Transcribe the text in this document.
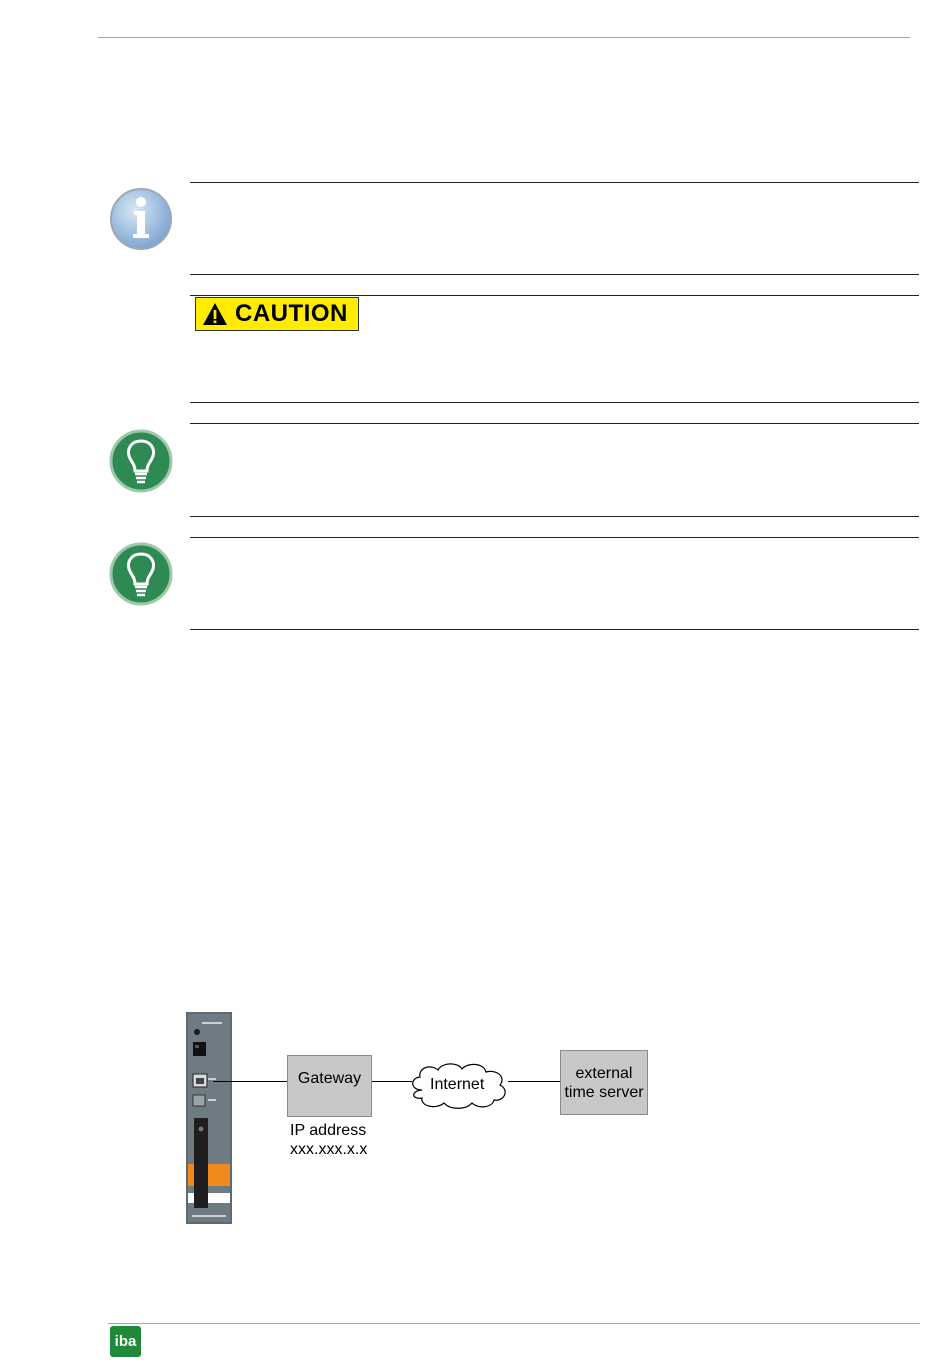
CAUTION
Gateway
IP address
xxx.xxx.x.x
Internet
external
time server
iba
